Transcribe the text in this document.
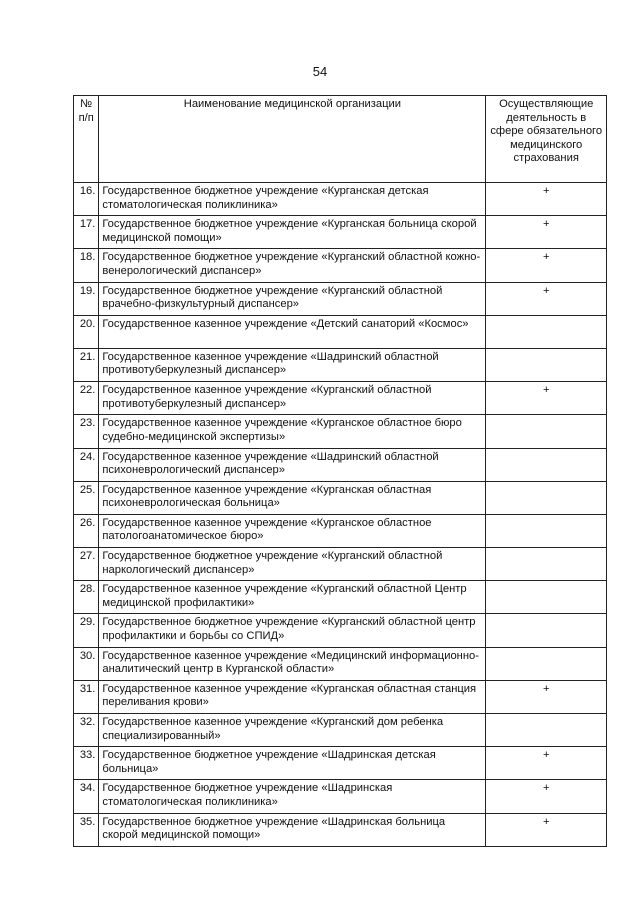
54
№ п/п	Наименование медицинской организации	Осуществляющие деятельность в сфере обязательного медицинского страхования
16.	Государственное бюджетное учреждение «Курганская детская стоматологическая поликлиника»	+
17.	Государственное бюджетное учреждение «Курганская больница скорой медицинской помощи»	+
18.	Государственное бюджетное учреждение «Курганский областной кожно-венерологический диспансер»	+
19.	Государственное бюджетное учреждение «Курганский областной врачебно-физкультурный диспансер»	+
20.	Государственное казенное учреждение «Детский санаторий «Космос»	
21.	Государственное казенное учреждение «Шадринский областной противотуберкулезный диспансер»	
22.	Государственное казенное учреждение «Курганский областной противотуберкулезный диспансер»	+
23.	Государственное казенное учреждение «Курганское областное бюро судебно-медицинской экспертизы»	
24.	Государственное казенное учреждение «Шадринский областной психоневрологический диспансер»	
25.	Государственное казенное учреждение «Курганская областная психоневрологическая больница»	
26.	Государственное казенное учреждение «Курганское областное патологоанатомическое бюро»	
27.	Государственное бюджетное учреждение «Курганский областной наркологический диспансер»	
28.	Государственное казенное учреждение «Курганский областной Центр медицинской профилактики»	
29.	Государственное бюджетное учреждение «Курганский областной центр профилактики и борьбы со СПИД»	
30.	Государственное казенное учреждение «Медицинский информационно-аналитический центр в Курганской области»	
31.	Государственное казенное учреждение «Курганская областная станция переливания крови»	+
32.	Государственное казенное учреждение «Курганский дом ребенка специализированный»	
33.	Государственное бюджетное учреждение «Шадринская детская больница»	+
34.	Государственное бюджетное учреждение «Шадринская стоматологическая поликлиника»	+
35.	Государственное бюджетное учреждение «Шадринская больница скорой медицинской помощи»	+
